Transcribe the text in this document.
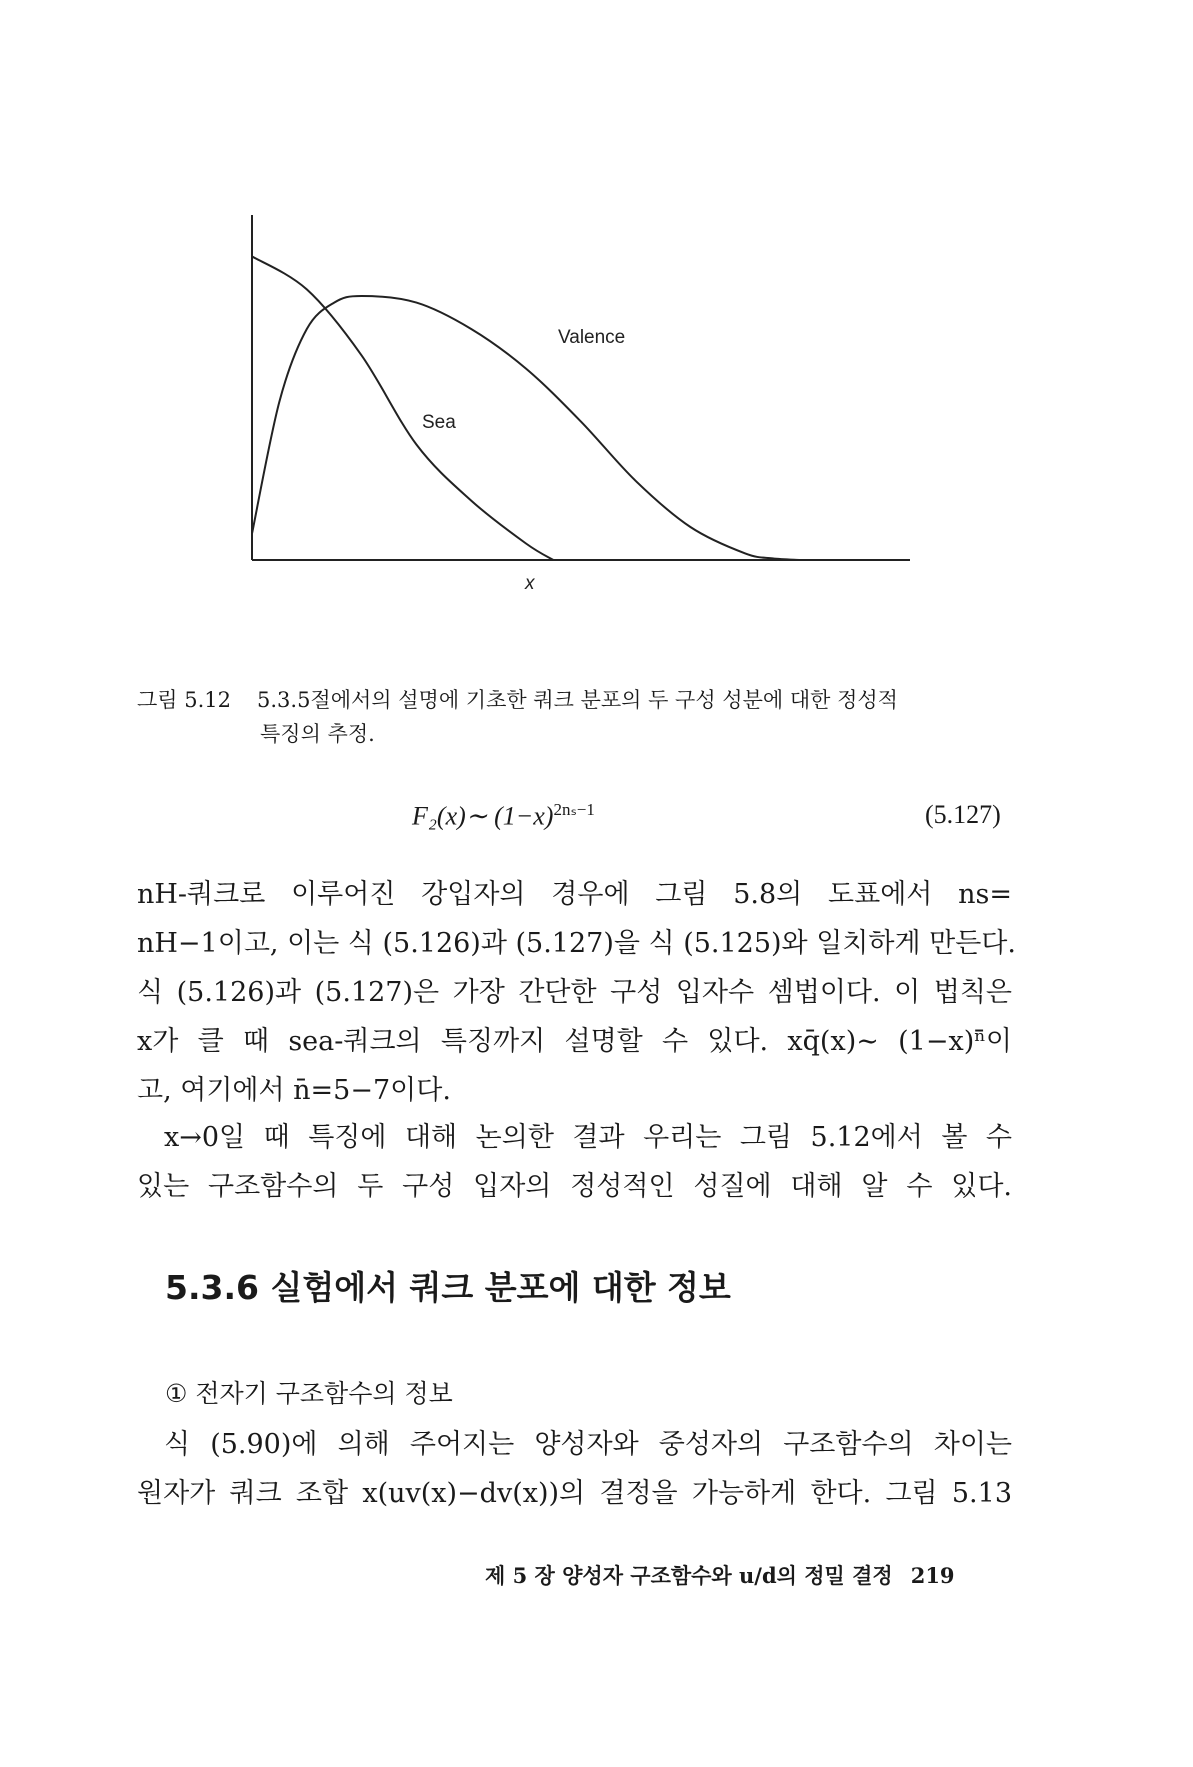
Valence
Sea
x
그림 5.12 5.3.5절에서의 설명에 기초한 쿼크 분포의 두 구성 성분에 대한 정성적
특징의 추정.
F₂(x)∼ $(1-x)^{2n_s-1}$	(5.127)
nH-쿼크로 이루어진 강입자의 경우에 그림 5.8의 도표에서 ns=
nH−1이고, 이는 식 (5.126)과 (5.127)을 식 (5.125)와 일치하게 만든다.
식 (5.126)과 (5.127)은 가장 간단한 구성 입자수 셈법이다. 이 법칙은
x가 클 때 sea-쿼크의 특징까지 설명할 수 있다. xq̄(x)∼ (1−x)ⁿ̄이
고, 여기에서 n̄=5−7이다.
x→0일 때 특징에 대해 논의한 결과 우리는 그림 5.12에서 볼 수
있는 구조함수의 두 구성 입자의 정성적인 성질에 대해 알 수 있다.
5.3.6 실험에서 쿼크 분포에 대한 정보
① 전자기 구조함수의 정보
식 (5.90)에 의해 주어지는 양성자와 중성자의 구조함수의 차이는
원자가 쿼크 조합 x(uv(x)−dv(x))의 결정을 가능하게 한다. 그림 5.13
제 5 장 양성자 구조함수와 u/d의 정밀 결정 219
